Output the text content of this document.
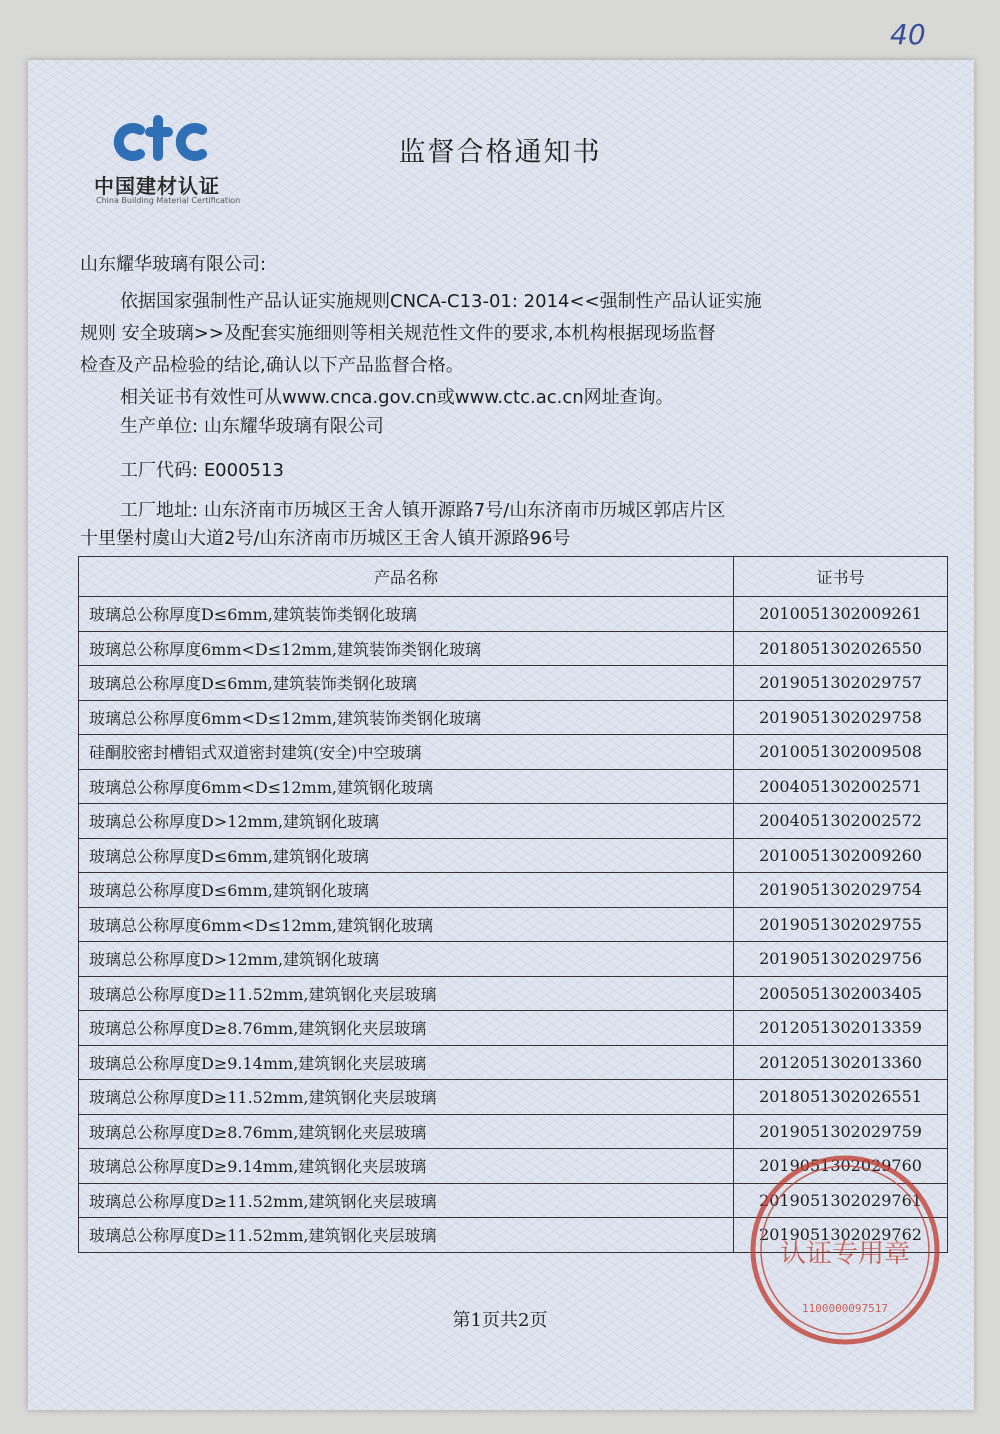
40
中国建材认证
China Building Material Certification
监督合格通知书
山东耀华玻璃有限公司:
依据国家强制性产品认证实施规则CNCA-C13-01: 2014<<强制性产品认证实施
规则 安全玻璃>>及配套实施细则等相关规范性文件的要求,本机构根据现场监督
检查及产品检验的结论,确认以下产品监督合格。
相关证书有效性可从www.cnca.gov.cn或www.ctc.ac.cn网址查询。
生产单位: 山东耀华玻璃有限公司
工厂代码: E000513
工厂地址: 山东济南市历城区王舍人镇开源路7号/山东济南市历城区郭店片区
十里堡村虞山大道2号/山东济南市历城区王舍人镇开源路96号
产品名称	证书号
玻璃总公称厚度D≤6mm,建筑装饰类钢化玻璃	2010051302009261
玻璃总公称厚度6mm<D≤12mm,建筑装饰类钢化玻璃	2018051302026550
玻璃总公称厚度D≤6mm,建筑装饰类钢化玻璃	2019051302029757
玻璃总公称厚度6mm<D≤12mm,建筑装饰类钢化玻璃	2019051302029758
硅酮胶密封槽铝式双道密封建筑(安全)中空玻璃	2010051302009508
玻璃总公称厚度6mm<D≤12mm,建筑钢化玻璃	2004051302002571
玻璃总公称厚度D>12mm,建筑钢化玻璃	2004051302002572
玻璃总公称厚度D≤6mm,建筑钢化玻璃	2010051302009260
玻璃总公称厚度D≤6mm,建筑钢化玻璃	2019051302029754
玻璃总公称厚度6mm<D≤12mm,建筑钢化玻璃	2019051302029755
玻璃总公称厚度D>12mm,建筑钢化玻璃	2019051302029756
玻璃总公称厚度D≥11.52mm,建筑钢化夹层玻璃	2005051302003405
玻璃总公称厚度D≥8.76mm,建筑钢化夹层玻璃	2012051302013359
玻璃总公称厚度D≥9.14mm,建筑钢化夹层玻璃	2012051302013360
玻璃总公称厚度D≥11.52mm,建筑钢化夹层玻璃	2018051302026551
玻璃总公称厚度D≥8.76mm,建筑钢化夹层玻璃	2019051302029759
玻璃总公称厚度D≥9.14mm,建筑钢化夹层玻璃	2019051302029760
玻璃总公称厚度D≥11.52mm,建筑钢化夹层玻璃	2019051302029761
玻璃总公称厚度D≥11.52mm,建筑钢化夹层玻璃	2019051302029762
第1页共2页
认证专用章
1100000097517
